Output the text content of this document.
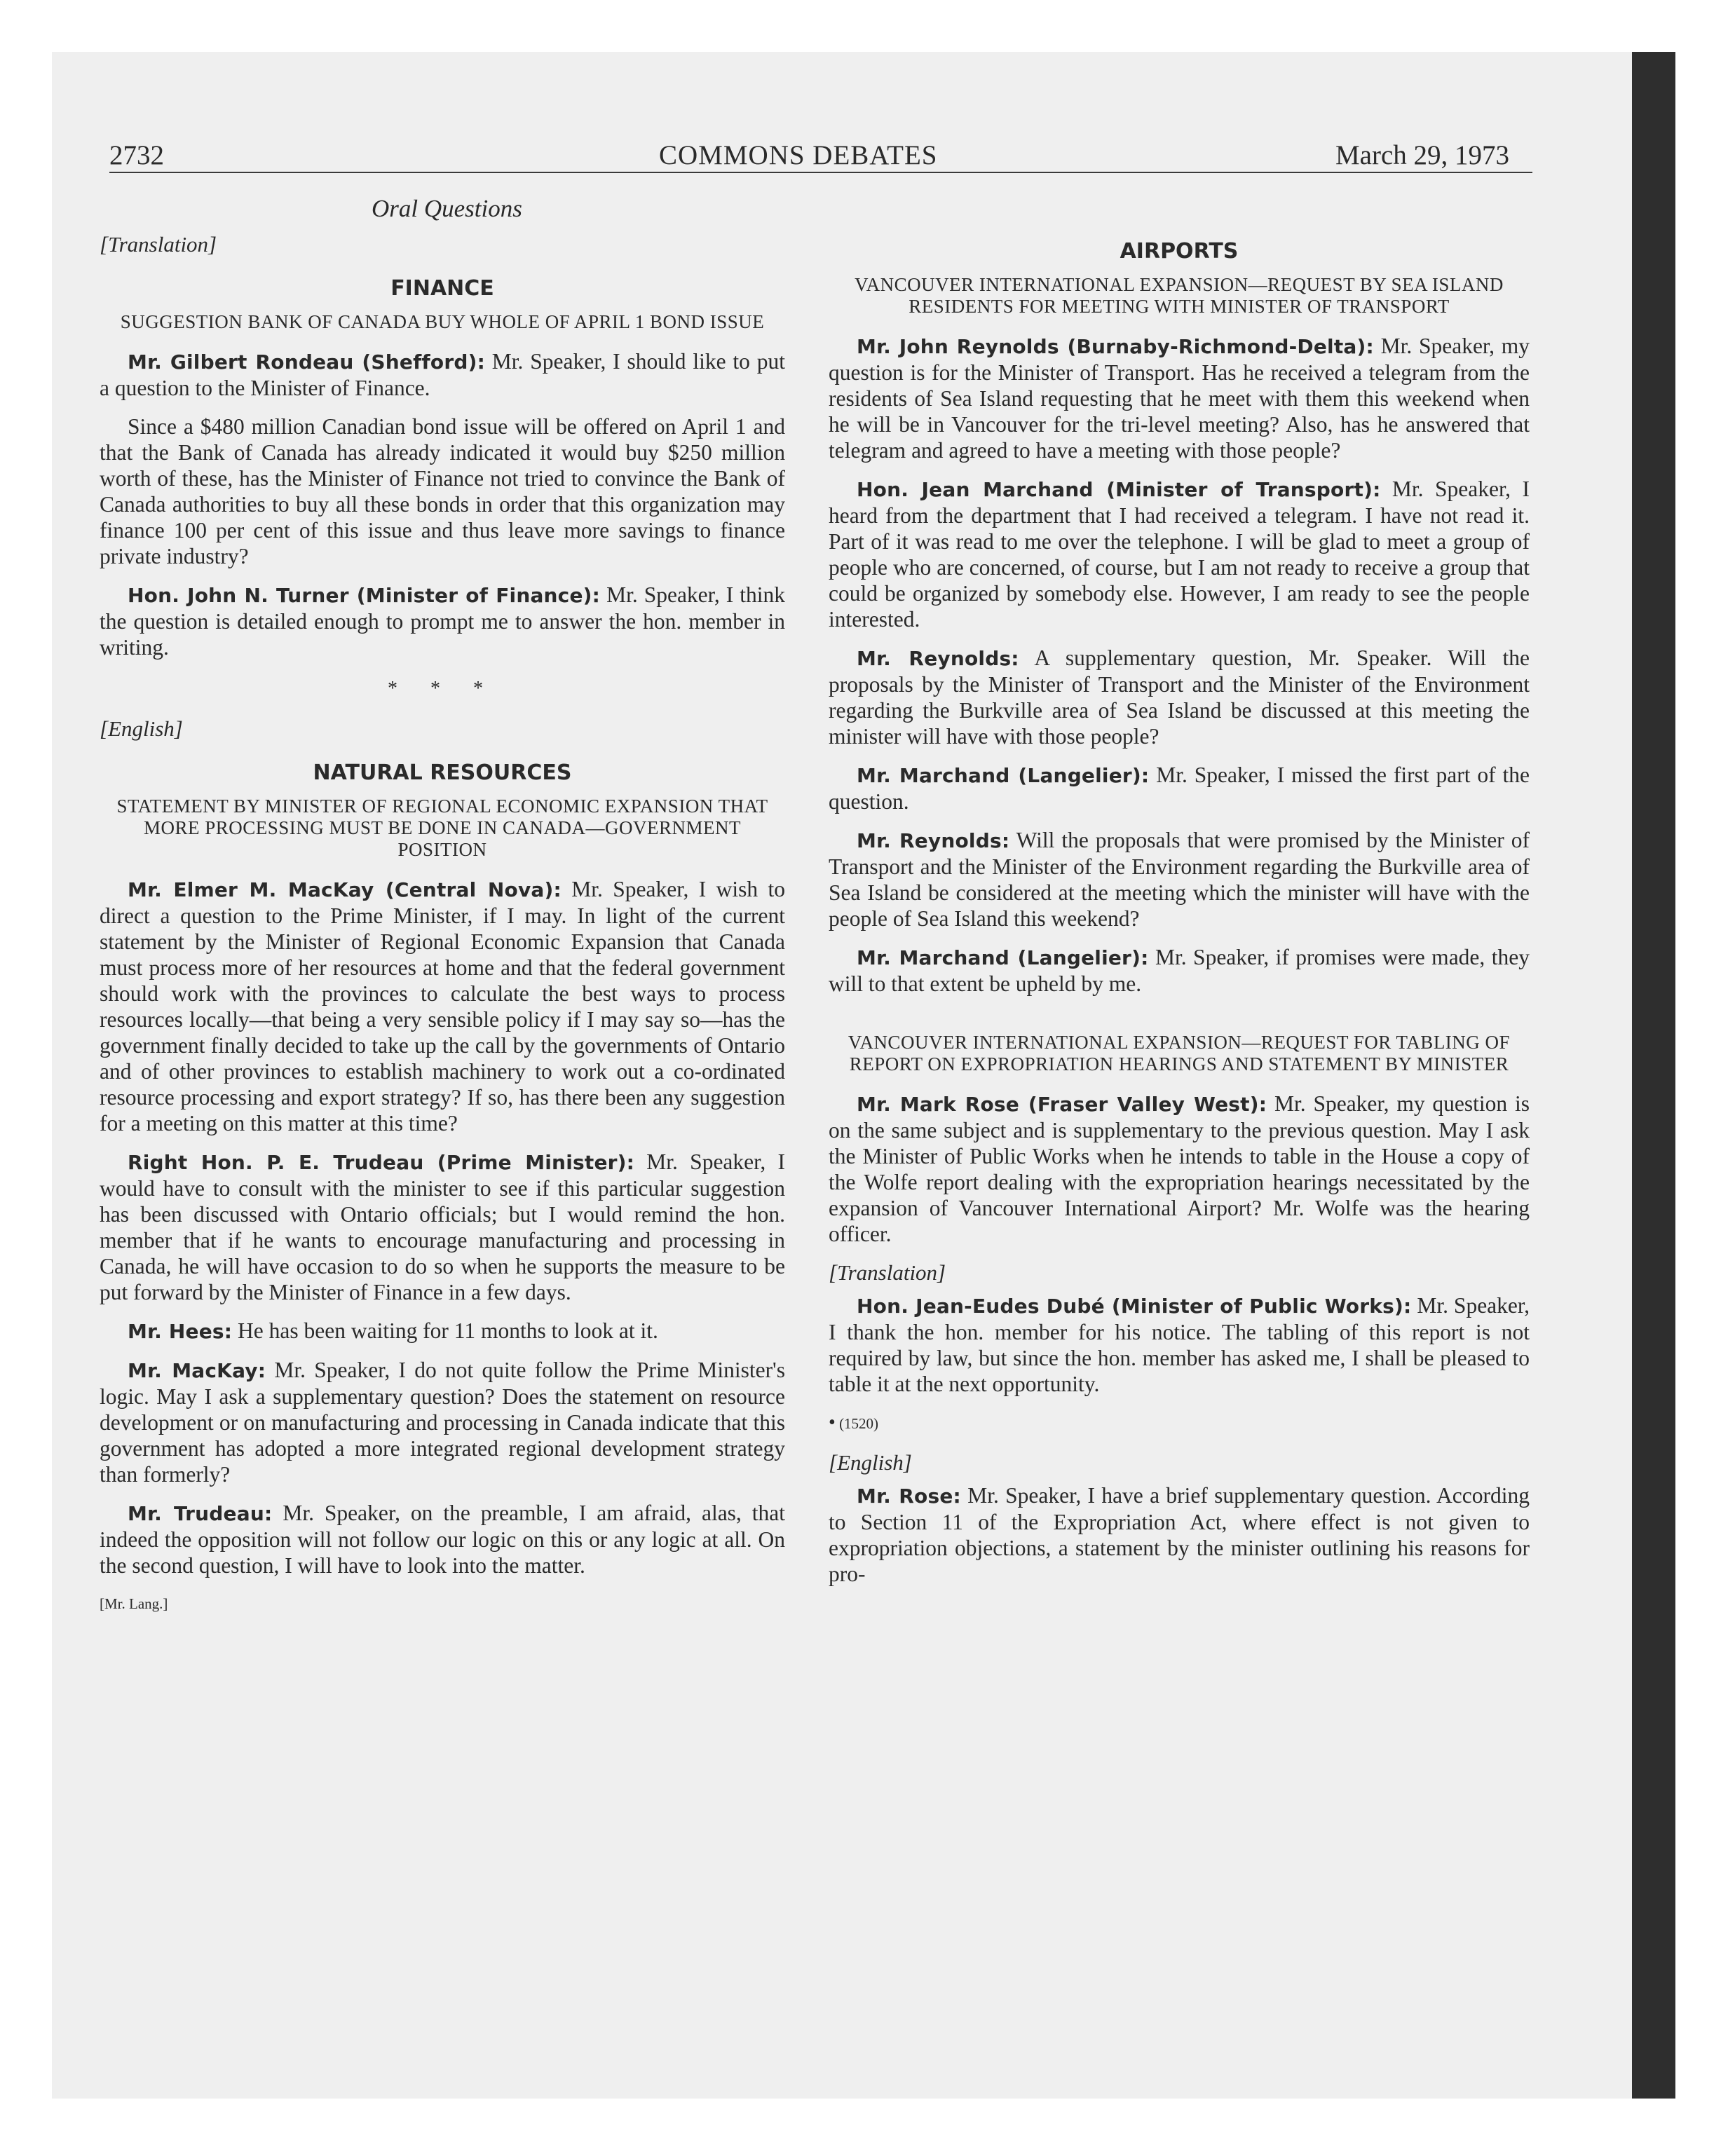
2732	COMMONS DEBATES	March 29, 1973
Oral Questions
[Translation]
FINANCE
SUGGESTION BANK OF CANADA BUY WHOLE OF APRIL 1 BOND ISSUE

Mr. Gilbert Rondeau (Shefford): Mr. Speaker, I should like to put a question to the Minister of Finance.

Since a $480 million Canadian bond issue will be offered on April 1 and that the Bank of Canada has already indicated it would buy $250 million worth of these, has the Minister of Finance not tried to convince the Bank of Canada authorities to buy all these bonds in order that this organization may finance 100 per cent of this issue and thus leave more savings to finance private industry?

Hon. John N. Turner (Minister of Finance): Mr. Speaker, I think the question is detailed enough to prompt me to answer the hon. member in writing.

* * *
[English]
NATURAL RESOURCES
STATEMENT BY MINISTER OF REGIONAL ECONOMIC EXPANSION THAT MORE PROCESSING MUST BE DONE IN CANADA—GOVERNMENT POSITION

Mr. Elmer M. MacKay (Central Nova): Mr. Speaker, I wish to direct a question to the Prime Minister, if I may. In light of the current statement by the Minister of Regional Economic Expansion that Canada must process more of her resources at home and that the federal government should work with the provinces to calculate the best ways to process resources locally—that being a very sensible policy if I may say so—has the government finally decided to take up the call by the governments of Ontario and of other provinces to establish machinery to work out a co-ordinated resource processing and export strategy? If so, has there been any suggestion for a meeting on this matter at this time?

Right Hon. P. E. Trudeau (Prime Minister): Mr. Speaker, I would have to consult with the minister to see if this particular suggestion has been discussed with Ontario officials; but I would remind the hon. member that if he wants to encourage manufacturing and processing in Canada, he will have occasion to do so when he supports the measure to be put forward by the Minister of Finance in a few days.

Mr. Hees: He has been waiting for 11 months to look at it.

Mr. MacKay: Mr. Speaker, I do not quite follow the Prime Minister's logic. May I ask a supplementary question? Does the statement on resource development or on manufacturing and processing in Canada indicate that this government has adopted a more integrated regional development strategy than formerly?

Mr. Trudeau: Mr. Speaker, on the preamble, I am afraid, alas, that indeed the opposition will not follow our logic on this or any logic at all. On the second question, I will have to look into the matter.

[Mr. Lang.]
AIRPORTS
VANCOUVER INTERNATIONAL EXPANSION—REQUEST BY SEA ISLAND RESIDENTS FOR MEETING WITH MINISTER OF TRANSPORT

Mr. John Reynolds (Burnaby-Richmond-Delta): Mr. Speaker, my question is for the Minister of Transport. Has he received a telegram from the residents of Sea Island requesting that he meet with them this weekend when he will be in Vancouver for the tri-level meeting? Also, has he answered that telegram and agreed to have a meeting with those people?

Hon. Jean Marchand (Minister of Transport): Mr. Speaker, I heard from the department that I had received a telegram. I have not read it. Part of it was read to me over the telephone. I will be glad to meet a group of people who are concerned, of course, but I am not ready to receive a group that could be organized by somebody else. However, I am ready to see the people interested.

Mr. Reynolds: A supplementary question, Mr. Speaker. Will the proposals by the Minister of Transport and the Minister of the Environment regarding the Burkville area of Sea Island be discussed at this meeting the minister will have with those people?

Mr. Marchand (Langelier): Mr. Speaker, I missed the first part of the question.

Mr. Reynolds: Will the proposals that were promised by the Minister of Transport and the Minister of the Environment regarding the Burkville area of Sea Island be considered at the meeting which the minister will have with the people of Sea Island this weekend?

Mr. Marchand (Langelier): Mr. Speaker, if promises were made, they will to that extent be upheld by me.

VANCOUVER INTERNATIONAL EXPANSION—REQUEST FOR TABLING OF REPORT ON EXPROPRIATION HEARINGS AND STATEMENT BY MINISTER

Mr. Mark Rose (Fraser Valley West): Mr. Speaker, my question is on the same subject and is supplementary to the previous question. May I ask the Minister of Public Works when he intends to table in the House a copy of the Wolfe report dealing with the expropriation hearings necessitated by the expansion of Vancouver International Airport? Mr. Wolfe was the hearing officer.

[Translation]

Hon. Jean-Eudes Dubé (Minister of Public Works): Mr. Speaker, I thank the hon. member for his notice. The tabling of this report is not required by law, but since the hon. member has asked me, I shall be pleased to table it at the next opportunity.

• (1520)
[English]

Mr. Rose: Mr. Speaker, I have a brief supplementary question. According to Section 11 of the Expropriation Act, where effect is not given to expropriation objections, a statement by the minister outlining his reasons for pro-
